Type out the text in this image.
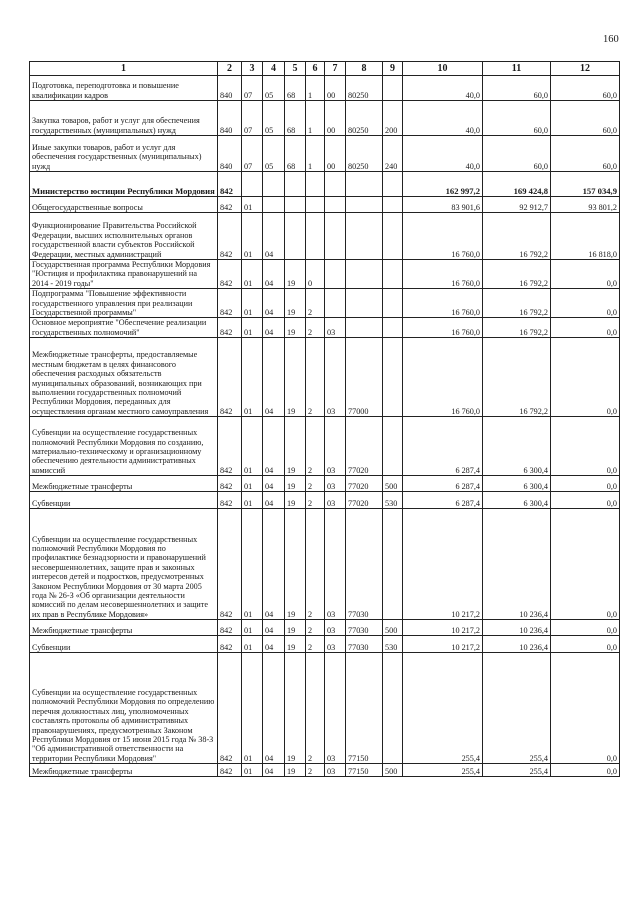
160
1	2	3	4	5	6	7	8	9	10	11	12
Подготовка, переподготовка и повышение квалификации кадров	840	07	05	68	1	00	80250		40,0	60,0	60,0
Закупка товаров, работ и услуг для обеспечения государственных (муниципальных) нужд	840	07	05	68	1	00	80250	200	40,0	60,0	60,0
Иные закупки товаров, работ и услуг для обеспечения государственных (муниципальных) нужд	840	07	05	68	1	00	80250	240	40,0	60,0	60,0
Министерство юстиции Республики Мордовия	842								162 997,2	169 424,8	157 034,9
Общегосударственные вопросы	842	01							83 901,6	92 912,7	93 801,2
Функционирование Правительства Российской Федерации, высших исполнительных органов государственной власти субъектов Российской Федерации, местных администраций	842	01	04						16 760,0	16 792,2	16 818,0
Государственная программа Республики Мордовия "Юстиция и профилактика правонарушений на 2014 - 2019 годы"	842	01	04	19	0				16 760,0	16 792,2	0,0
Подпрограмма "Повышение эффективности государственного управления при реализации Государственной программы"	842	01	04	19	2				16 760,0	16 792,2	0,0
Основное мероприятие "Обеспечение реализации государственных полномочий"	842	01	04	19	2	03			16 760,0	16 792,2	0,0
Межбюджетные трансферты, предоставляемые местным бюджетам в целях финансового обеспечения расходных обязательств муниципальных образований, возникающих при выполнении государственных полномочий Республики Мордовия, переданных для осуществления органам местного самоуправления	842	01	04	19	2	03	77000		16 760,0	16 792,2	0,0
Субвенции на осуществление государственных полномочий Республики Мордовия по созданию, материально-техническому и организационному обеспечению деятельности административных комиссий	842	01	04	19	2	03	77020		6 287,4	6 300,4	0,0
Межбюджетные трансферты	842	01	04	19	2	03	77020	500	6 287,4	6 300,4	0,0
Субвенции	842	01	04	19	2	03	77020	530	6 287,4	6 300,4	0,0
Субвенции на осуществление государственных полномочий Республики Мордовия по профилактике безнадзорности и правонарушений несовершеннолетних, защите прав и законных интересов детей и подростков, предусмотренных Законом Республики Мордовия от 30 марта 2005 года № 26-З «Об организации деятельности комиссий по делам несовершеннолетних и защите их прав в Республике Мордовия»	842	01	04	19	2	03	77030		10 217,2	10 236,4	0,0
Межбюджетные трансферты	842	01	04	19	2	03	77030	500	10 217,2	10 236,4	0,0
Субвенции	842	01	04	19	2	03	77030	530	10 217,2	10 236,4	0,0
Субвенции на осуществление государственных полномочий Республики Мордовия по определению перечня должностных лиц, уполномоченных составлять протоколы об административных правонарушениях, предусмотренных Законом Республики Мордовия от 15 июня 2015 года № 38-З "Об административной ответственности на территории Республики Мордовия"	842	01	04	19	2	03	77150		255,4	255,4	0,0
Межбюджетные трансферты	842	01	04	19	2	03	77150	500	255,4	255,4	0,0
